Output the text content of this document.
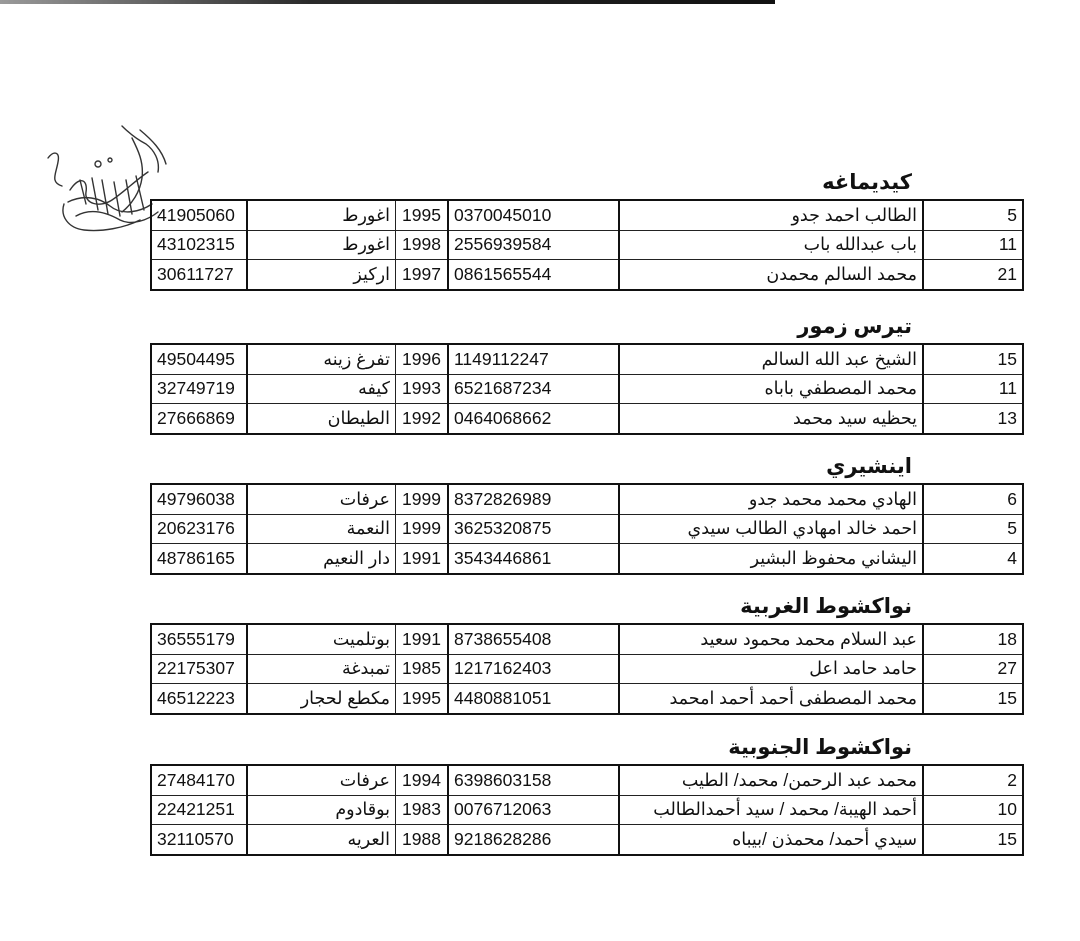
كيديماغه
41905060	اغورط	1995	0370045010	الطالب احمد جدو	5
43102315	اغورط	1998	2556939584	باب عبدالله باب	11
30611727	اركيز	1997	0861565544	محمد السالم محمدن	21
تيرس زمور
49504495	تفرغ زينه	1996	1149112247	الشيخ عبد الله السالم	15
32749719	كيفه	1993	6521687234	محمد المصطفي باباه	11
27666869	الطيطان	1992	0464068662	يحظيه سيد محمد	13
اينشيري
49796038	عرفات	1999	8372826989	الهادي محمد محمد جدو	6
20623176	النعمة	1999	3625320875	احمد خالد امهادي الطالب سيدي	5
48786165	دار النعيم	1991	3543446861	اليشاني محفوظ البشير	4
نواكشوط الغربية
36555179	بوتلميت	1991	8738655408	عبد السلام محمد محمود سعيد	18
22175307	تمبدغة	1985	1217162403	حامد حامد اعل	27
46512223	مكطع لحجار	1995	4480881051	محمد المصطفى أحمد أحمد امحمد	15
نواكشوط الجنوبية
27484170	عرفات	1994	6398603158	محمد عبد الرحمن/ محمد/ الطيب	2
22421251	بوقادوم	1983	0076712063	أحمد الهيبة/ محمد / سيد أحمدالطالب	10
32110570	العريه	1988	9218628286	سيدي أحمد/ محمذن /بيباه	15
